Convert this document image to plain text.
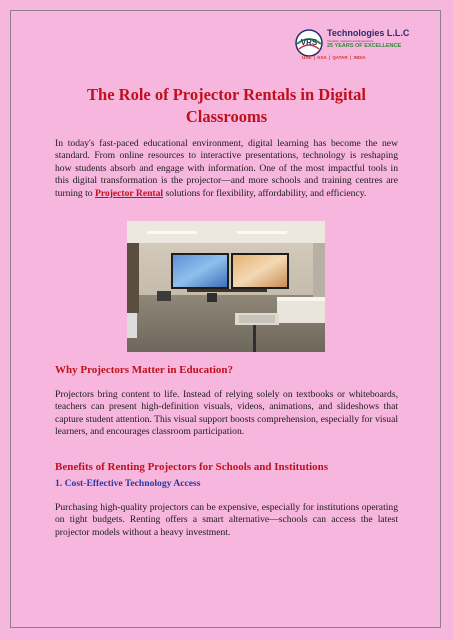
VRS
Technologies L.L.C
Visualize, Network and Experience
25 YEARS OF EXCELLENCE
UAE | KSA | QATAR | INDIA
The Role of Projector Rentals in Digital Classrooms

In today's fast-paced educational environment, digital learning has become the new standard. From online resources to interactive presentations, technology is reshaping how students absorb and engage with information. One of the most impactful tools in this digital transformation is the projector—and more schools and training centres are turning to Projector Rental solutions for flexibility, affordability, and efficiency.

Why Projectors Matter in Education?

Projectors bring content to life. Instead of relying solely on textbooks or whiteboards, teachers can present high-definition visuals, videos, animations, and slideshows that capture student attention. This visual support boosts comprehension, especially for visual learners, and encourages classroom participation.

Benefits of Renting Projectors for Schools and Institutions
1. Cost-Effective Technology Access

Purchasing high-quality projectors can be expensive, especially for institutions operating on tight budgets. Renting offers a smart alternative—schools can access the latest projector models without a heavy investment.
